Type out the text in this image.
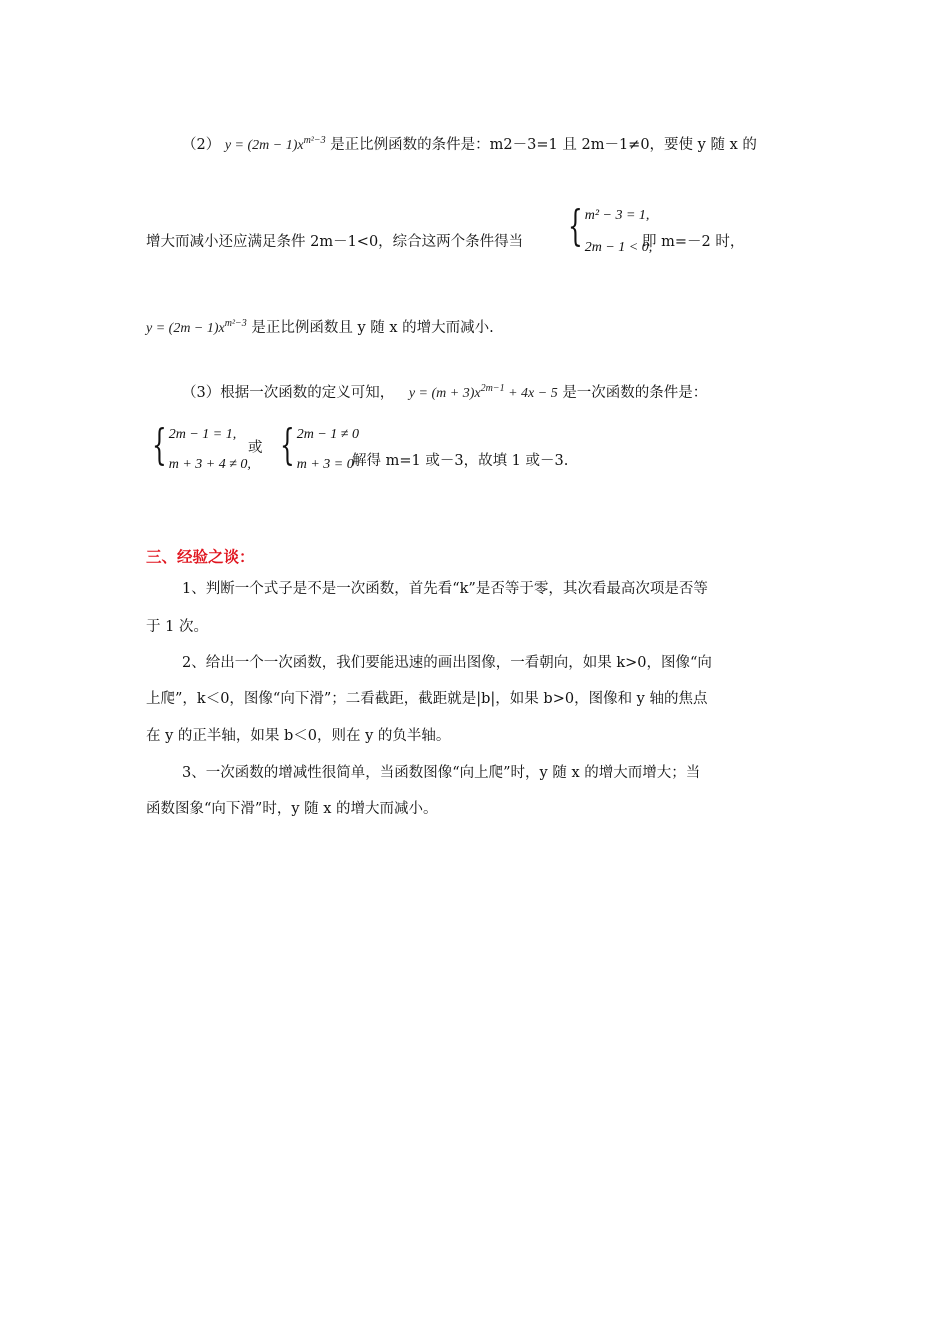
（2） $y = (2m - 1)x^{m^2-3}$ 是正比例函数的条件是：m2－3=1 且 2m－1≠0，要使 y 随 x 的
增大而减小还应满足条件 2m－1<0，综合这两个条件得当 { m² − 3 = 1,
2m − 1 < 0,
即 m=－2 时，
$y = (2m - 1)x^{m^2-3}$ 是正比例函数且 y 随 x 的增大而减小.
（3）根据一次函数的定义可知， $y = (m + 3)x^{2m-1} + 4x - 5$ 是一次函数的条件是：
{ 2m − 1 = 1,
m + 3 + 4 ≠ 0,
或 { 2m − 1 ≠ 0
m + 3 = 0
解得 m=1 或－3，故填 1 或－3.
三、经验之谈：
1、判断一个式子是不是一次函数，首先看“k”是否等于零，其次看最高次项是否等
于 1 次。
2、给出一个一次函数，我们要能迅速的画出图像，一看朝向，如果 k>0，图像“向
上爬”，k＜0，图像“向下滑”；二看截距，截距就是|b|，如果 b>0，图像和 y 轴的焦点
在 y 的正半轴，如果 b＜0，则在 y 的负半轴。
3、一次函数的增减性很简单，当函数图像“向上爬”时，y 随 x 的增大而增大；当
函数图象“向下滑”时，y 随 x 的增大而减小。
